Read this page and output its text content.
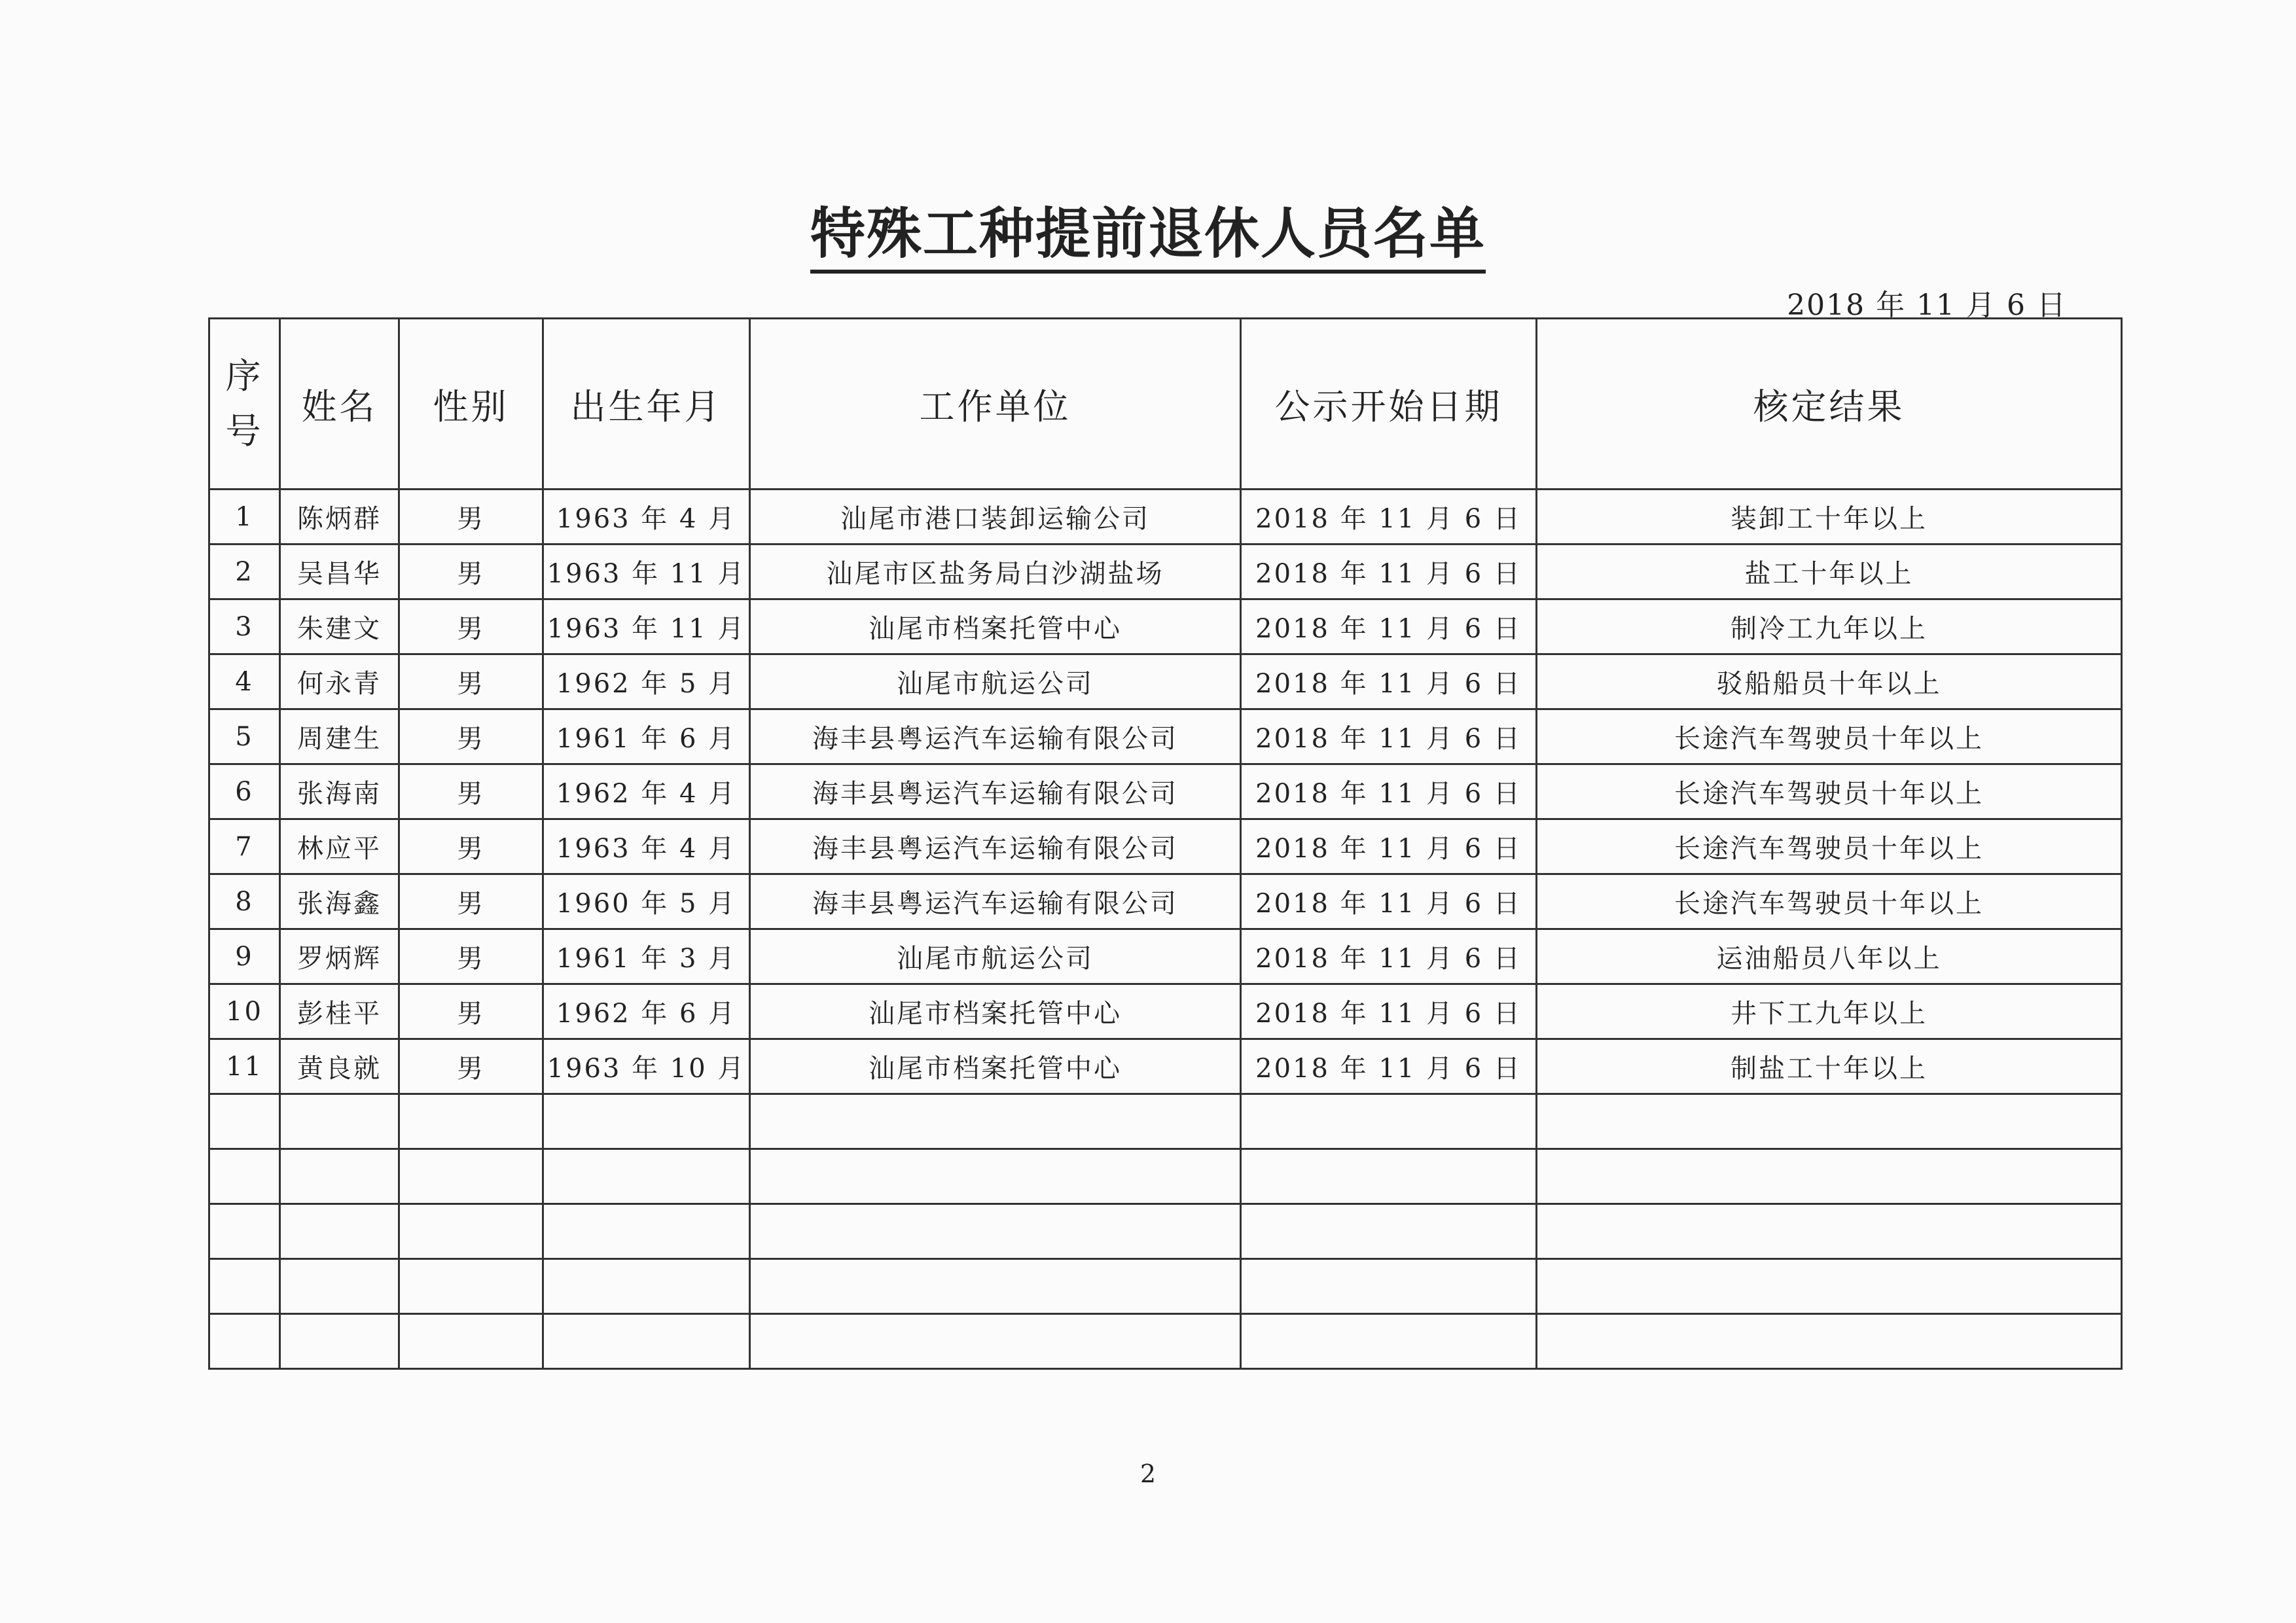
特殊工种提前退休人员名单
2018 年 11 月 6 日
序
号	姓名	性别	出生年月	工作单位	公示开始日期	核定结果
1	陈炳群	男	1963 年 4 月	汕尾市港口装卸运输公司	2018 年 11 月 6 日	装卸工十年以上
2	吴昌华	男	1963 年 11 月	汕尾市区盐务局白沙湖盐场	2018 年 11 月 6 日	盐工十年以上
3	朱建文	男	1963 年 11 月	汕尾市档案托管中心	2018 年 11 月 6 日	制冷工九年以上
4	何永青	男	1962 年 5 月	汕尾市航运公司	2018 年 11 月 6 日	驳船船员十年以上
5	周建生	男	1961 年 6 月	海丰县粤运汽车运输有限公司	2018 年 11 月 6 日	长途汽车驾驶员十年以上
6	张海南	男	1962 年 4 月	海丰县粤运汽车运输有限公司	2018 年 11 月 6 日	长途汽车驾驶员十年以上
7	林应平	男	1963 年 4 月	海丰县粤运汽车运输有限公司	2018 年 11 月 6 日	长途汽车驾驶员十年以上
8	张海鑫	男	1960 年 5 月	海丰县粤运汽车运输有限公司	2018 年 11 月 6 日	长途汽车驾驶员十年以上
9	罗炳辉	男	1961 年 3 月	汕尾市航运公司	2018 年 11 月 6 日	运油船员八年以上
10	彭桂平	男	1962 年 6 月	汕尾市档案托管中心	2018 年 11 月 6 日	井下工九年以上
11	黄良就	男	1963 年 10 月	汕尾市档案托管中心	2018 年 11 月 6 日	制盐工十年以上

2
